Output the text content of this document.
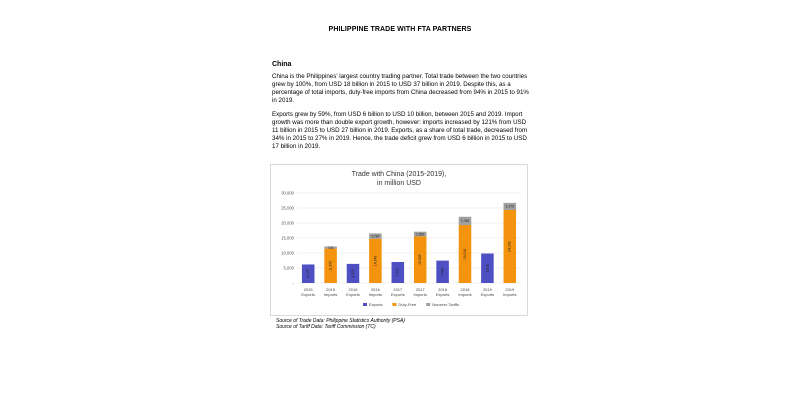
PHILIPPINE TRADE WITH FTA PARTNERS
China
China is the Philippines' largest country trading partner. Total trade between the two countries grew by 100%, from USD 18 billion in 2015 to USD 37 billion in 2019. Despite this, as a percentage of total imports, duty-free imports from China decreased from 94% in 2015 to 91% in 2019.
Exports grew by 59%, from USD 6 billion to USD 10 billion, between 2015 and 2019. Import growth was more than double export growth, however: imports increased by 121% from USD 11 billion in 2015 to USD 27 billion in 2019. Exports, as a share of total trade, decreased from 34% in 2015 to 27% in 2019. Hence, the trade deficit grew from USD 6 billion in 2015 to USD 17 billion in 2019.
Trade with China (2015-2019),
in million USD
-
5,000
10,000
15,000
20,000
25,000
30,000
6,175
2015
Exports
11,472
726
2015
Imports
6,373
2016
Exports
14,743
1,787
2016
Imports
7,009
2017
Exports
15,549
1,552
2017
Imports
7,464
2018
Exports
19,316
2,760
2018
Imports
9,818
2019
Exports
24,332
2,370
2019
Imports
Exports	Duty-Free	Nonzero Tariffs
Source of Trade Data: Philippine Statistics Authority (PSA)
Source of Tariff Data: Tariff Commission (TC)
